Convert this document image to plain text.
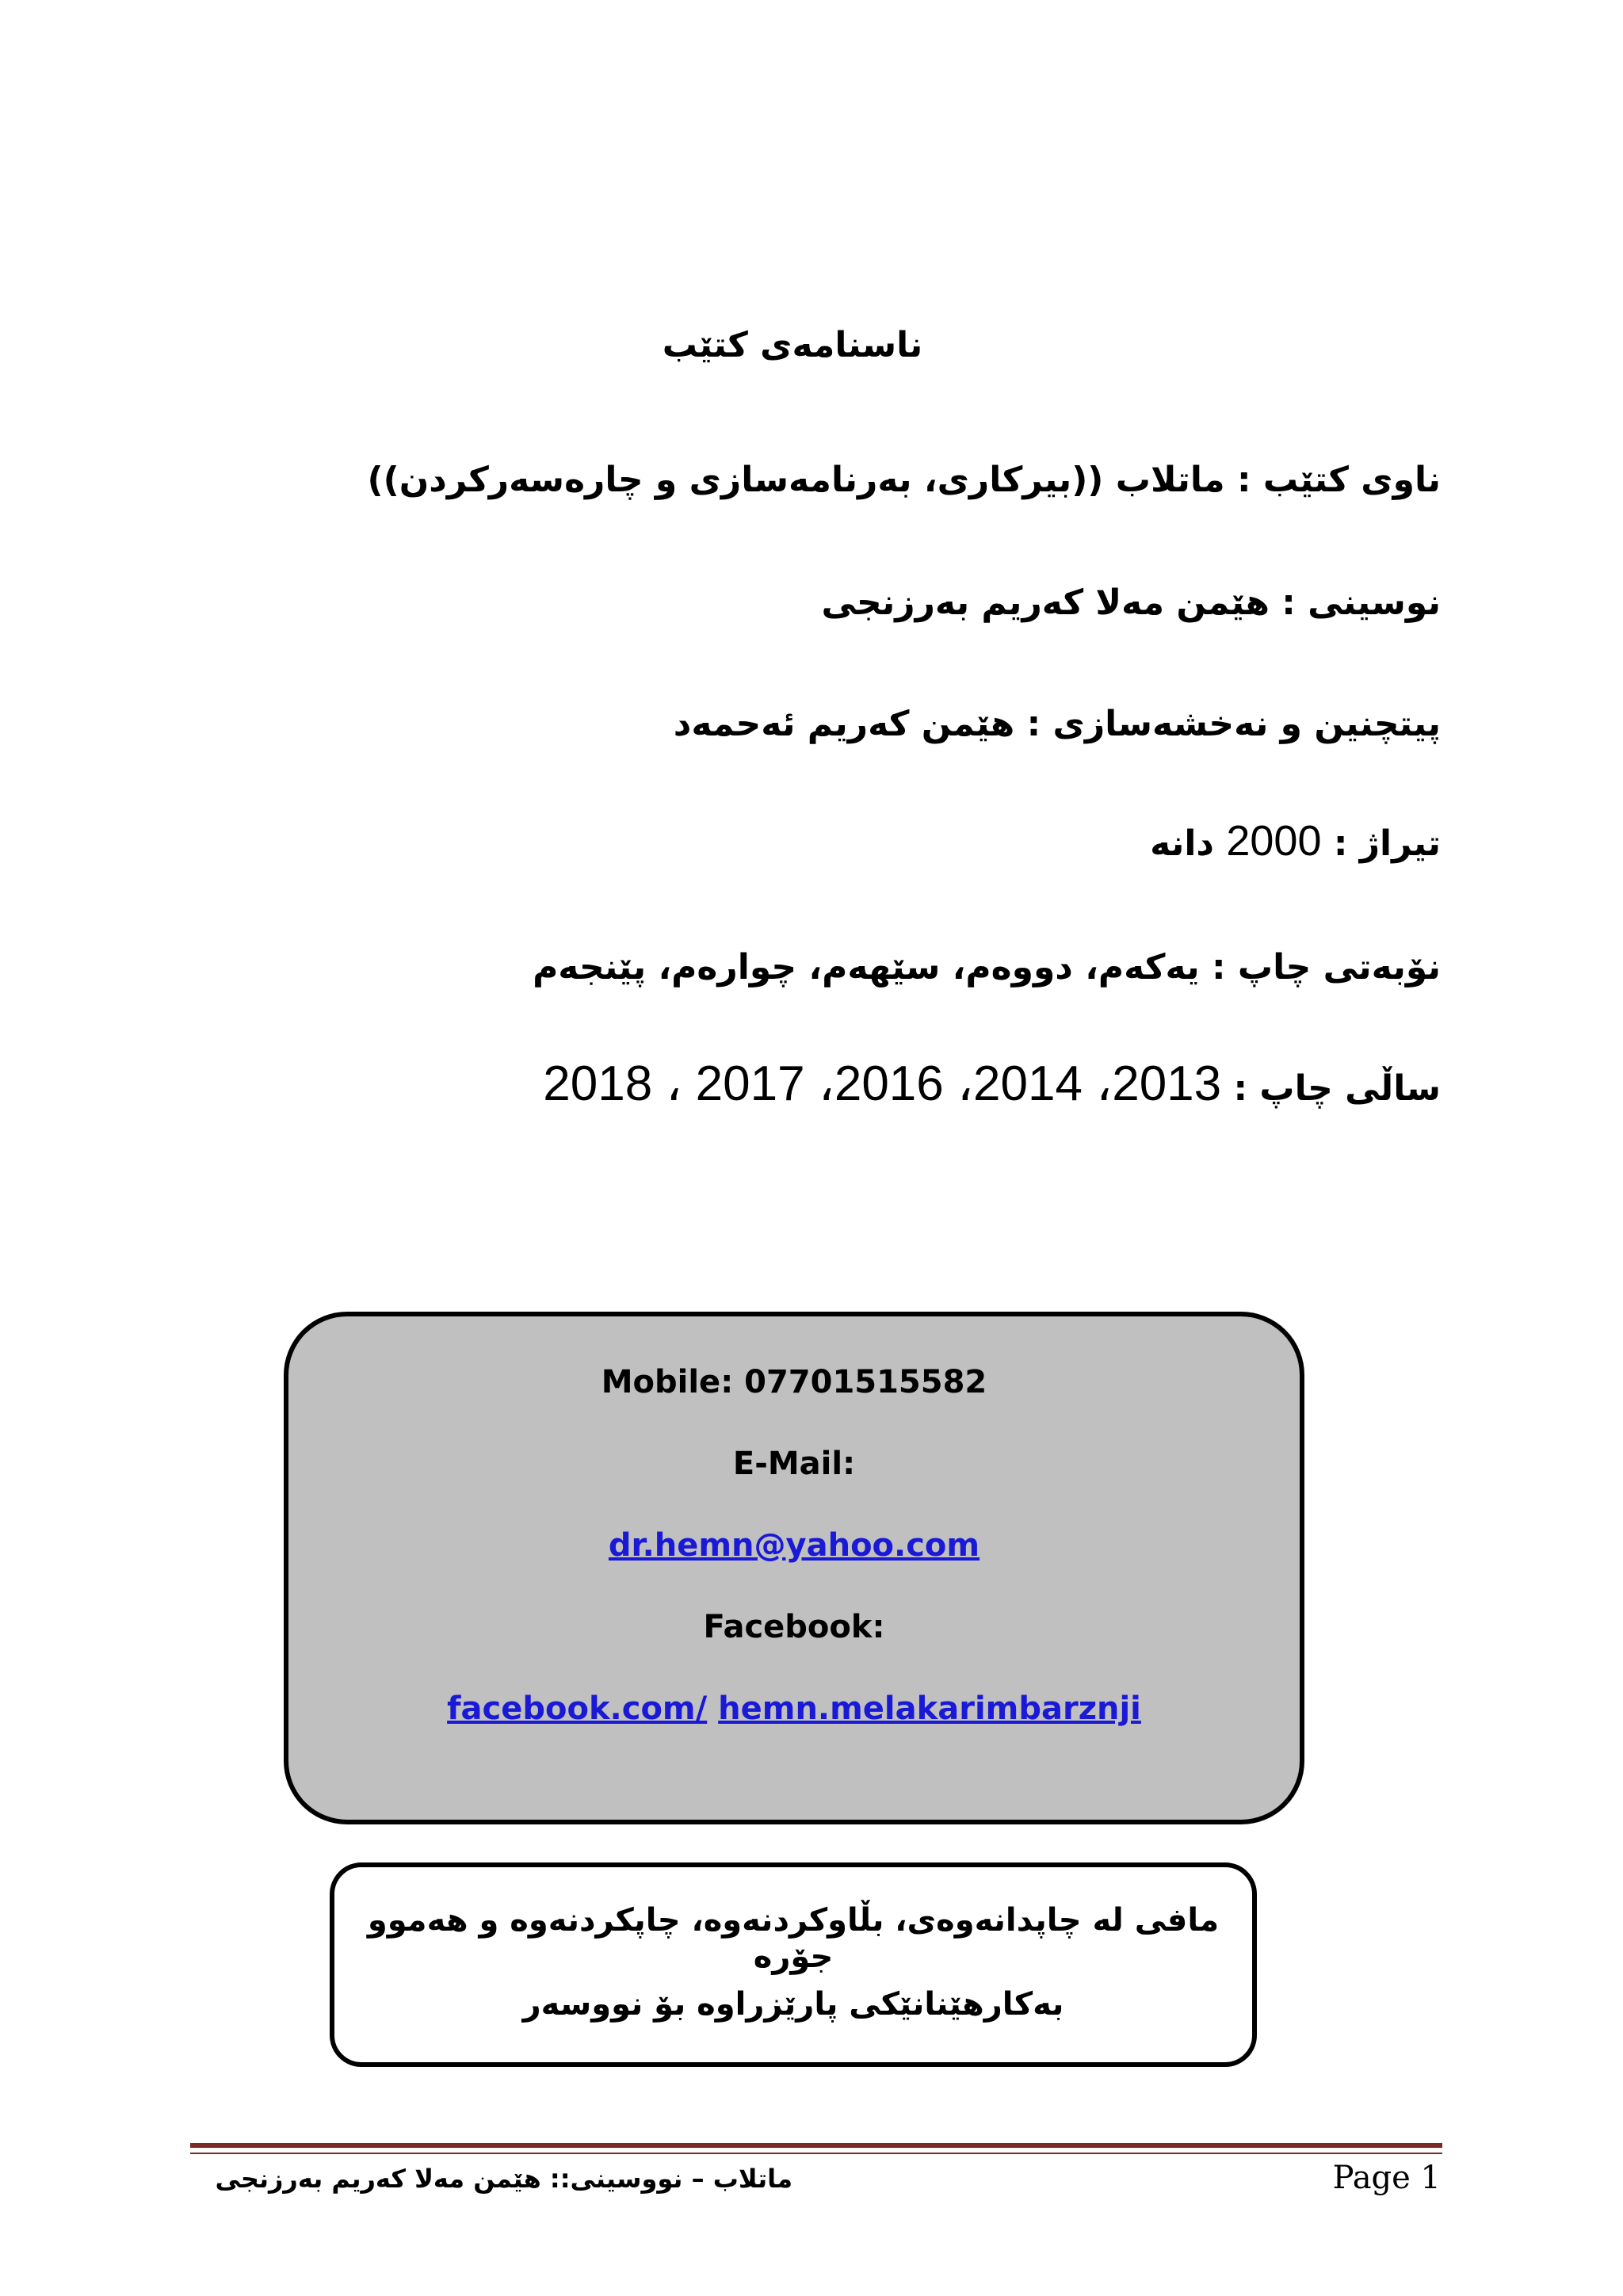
ناسنامەی کتێب
ناوی کتێب : ماتلاب ((بیرکاری، بەرنامەسازی و چارەسەرکردن))
نوسینی : هێمن مەلا کەریم بەرزنجی
پیتچنین و نەخشەسازی : هێمن کەریم ئەحمەد
تیراژ : 2000 دانە
نۆبەتی چاپ : یەکەم، دووەم، سێهەم، چوارەم، پێنجەم
ساڵی چاپ : 2013، 2014، 2016، 2017 ، 2018
Mobile: 07701515582
E-Mail:
dr.hemn@yahoo.com
Facebook:
facebook.com/ hemn.melakarimbarznji
مافی لە چاپدانەوەی، بڵاوکردنەوە، چاپکردنەوە و هەموو جۆرە
بەکارهێنانێکی پارێزراوە بۆ نووسەر
ماتلاب – نووسینی:: هێمن مەلا کەریم بەرزنجی	Page 1
